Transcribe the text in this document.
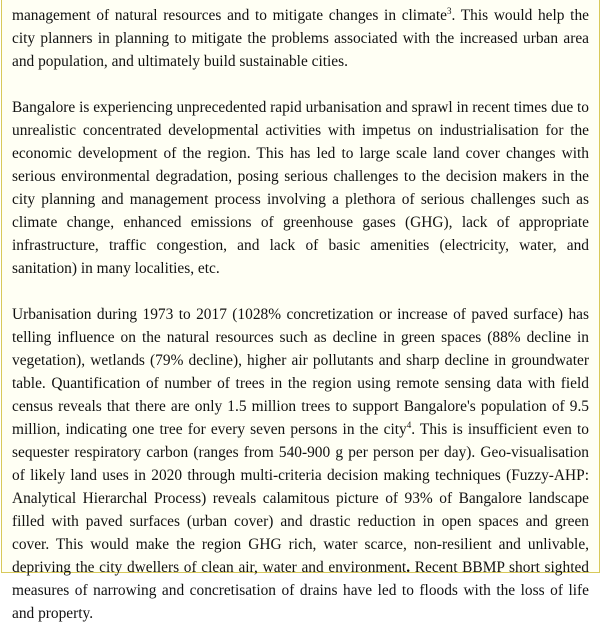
management of natural resources and to mitigate changes in climate$^3$. This would help the city planners in planning to mitigate the problems associated with the increased urban area and population, and ultimately build sustainable cities.

Bangalore is experiencing unprecedented rapid urbanisation and sprawl in recent times due to unrealistic concentrated developmental activities with impetus on industrialisation for the economic development of the region. This has led to large scale land cover changes with serious environmental degradation, posing serious challenges to the decision makers in the city planning and management process involving a plethora of serious challenges such as climate change, enhanced emissions of greenhouse gases (GHG), lack of appropriate infrastructure, traffic congestion, and lack of basic amenities (electricity, water, and sanitation) in many localities, etc.

Urbanisation during 1973 to 2017 (1028% concretization or increase of paved surface) has telling influence on the natural resources such as decline in green spaces (88% decline in vegetation), wetlands (79% decline), higher air pollutants and sharp decline in groundwater table. Quantification of number of trees in the region using remote sensing data with field census reveals that there are only 1.5 million trees to support Bangalore's population of 9.5 million, indicating one tree for every seven persons in the city$^4$. This is insufficient even to sequester respiratory carbon (ranges from 540-900 g per person per day). Geo-visualisation of likely land uses in 2020 through multi-criteria decision making techniques (Fuzzy-AHP: Analytical Hierarchal Process) reveals calamitous picture of 93% of Bangalore landscape filled with paved surfaces (urban cover) and drastic reduction in open spaces and green cover. This would make the region GHG rich, water scarce, non-resilient and unlivable, depriving the city dwellers of clean air, water and environment. Recent BBMP short sighted measures of narrowing and concretisation of drains have led to floods with the loss of life and property.
